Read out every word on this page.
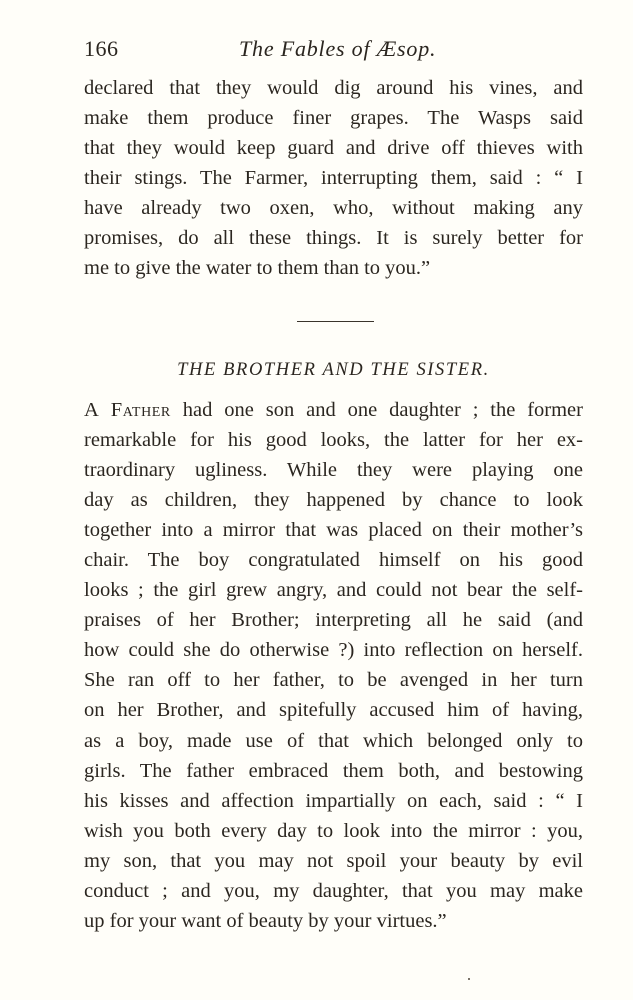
166	The Fables of Æsop.
declared that they would dig around his vines, and
make them produce finer grapes. The Wasps said
that they would keep guard and drive off thieves with
their stings. The Farmer, interrupting them, said : “ I
have already two oxen, who, without making any
promises, do all these things. It is surely better for
me to give the water to them than to you.”
THE BROTHER AND THE SISTER.
A Father had one son and one daughter ; the former
remarkable for his good looks, the latter for her ex-
traordinary ugliness. While they were playing one
day as children, they happened by chance to look
together into a mirror that was placed on their mother’s
chair. The boy congratulated himself on his good
looks ; the girl grew angry, and could not bear the self-
praises of her Brother; interpreting all he said (and
how could she do otherwise ?) into reflection on herself.
She ran off to her father, to be avenged in her turn
on her Brother, and spitefully accused him of having,
as a boy, made use of that which belonged only to
girls. The father embraced them both, and bestowing
his kisses and affection impartially on each, said : “ I
wish you both every day to look into the mirror : you,
my son, that you may not spoil your beauty by evil
conduct ; and you, my daughter, that you may make
up for your want of beauty by your virtues.”
